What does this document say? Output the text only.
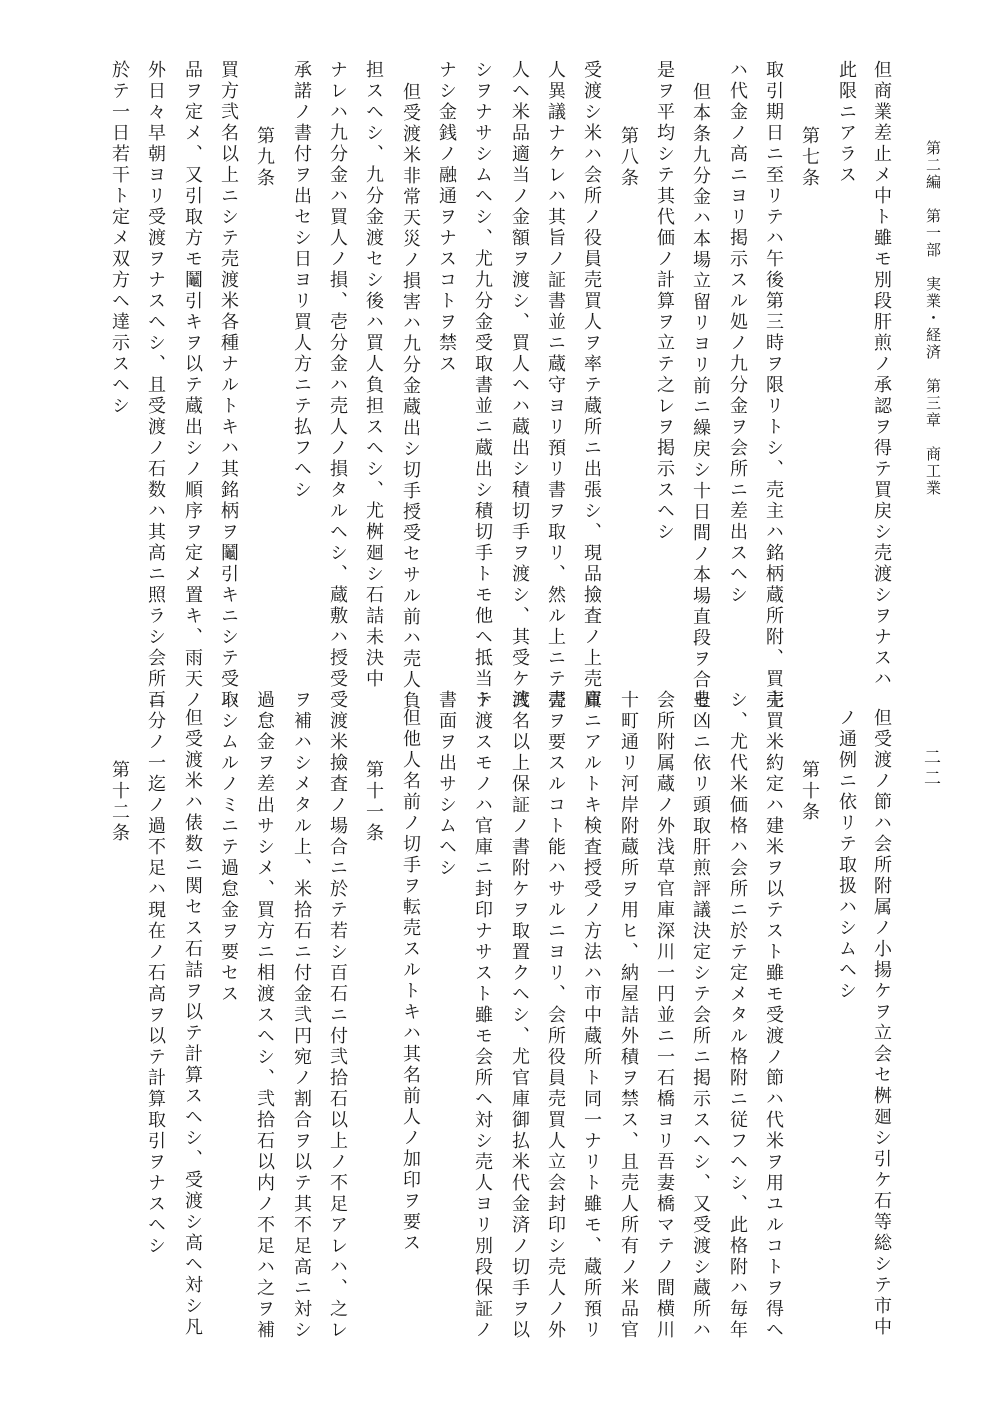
第二編　第一部　実業・経済　第三章　商工業
二二
但商業差止メ中ト雖モ別段肝煎ノ承認ヲ得テ買戻シ売渡シヲナスハ
此限ニアラス
第七条
取引期日ニ至リテハ午後第三時ヲ限リトシ、売主ハ銘柄蔵所附、買主
ハ代金ノ高ニヨリ掲示スル処ノ九分金ヲ会所ニ差出スヘシ
但本条九分金ハ本場立留リヨリ前ニ繰戻シ十日間ノ本場直段ヲ合セ
是ヲ平均シテ其代価ノ計算ヲ立テ之レヲ掲示スヘシ
第八条
受渡シ米ハ会所ノ役員売買人ヲ率テ蔵所ニ出張シ、現品撿査ノ上売買
人異議ナケレハ其旨ノ証書並ニ蔵守ヨリ預リ書ヲ取リ、然ル上ニテ売
人ヘ米品適当ノ金額ヲ渡シ、買人ヘハ蔵出シ積切手ヲ渡シ、其受ケ渡
シヲナサシムヘシ、尤九分金受取書並ニ蔵出シ積切手トモ他ヘ抵当ト
ナシ金銭ノ融通ヲナスコトヲ禁ス
但受渡米非常天災ノ損害ハ九分金蔵出シ切手授受セサル前ハ売人負
担スヘシ、九分金渡セシ後ハ買人負担スヘシ、尤桝廻シ石詰未決中
ナレハ九分金ハ買人ノ損、壱分金ハ売人ノ損タルヘシ、蔵敷ハ授受
承諾ノ書付ヲ出セシ日ヨリ買人方ニテ払フヘシ
第九条
買方弐名以上ニシテ売渡米各種ナルトキハ其銘柄ヲ鬮引キニシテ受取
品ヲ定メ、又引取方モ鬮引キヲ以テ蔵出シノ順序ヲ定メ置キ、雨天ノ
外日々早朝ヨリ受渡ヲナスヘシ、且受渡ノ石数ハ其高ニ照ラシ会所ニ
於テ一日若干ト定メ双方ヘ達示スヘシ
但受渡ノ節ハ会所附属ノ小揚ケヲ立会セ桝廻シ引ケ石等総シテ市中
ノ通例ニ依リテ取扱ハシムヘシ
第十条
売買米約定ハ建米ヲ以テスト雖モ受渡ノ節ハ代米ヲ用ユルコトヲ得ヘ
シ、尤代米価格ハ会所ニ於テ定メタル格附ニ従フヘシ、此格附ハ毎年
豊凶ニ依リ頭取肝煎評議決定シテ会所ニ掲示スヘシ、又受渡シ蔵所ハ
会所附属蔵ノ外浅草官庫深川一円並ニ一石橋ヨリ吾妻橋マテノ間横川
十町通リ河岸附蔵所ヲ用ヒ、納屋詰外積ヲ禁ス、且売人所有ノ米品官
庫ニアルトキ検査授受ノ方法ハ市中蔵所ト同一ナリト雖モ、蔵所預リ
書ヲ要スルコト能ハサルニヨリ、会所役員売買人立会封印シ売人ノ外
弐名以上保証ノ書附ケヲ取置クヘシ、尤官庫御払米代金済ノ切手ヲ以
テ渡スモノハ官庫ニ封印ナサスト雖モ会所ヘ対シ売人ヨリ別段保証ノ
書面ヲ出サシムヘシ
但他人名前ノ切手ヲ転売スルトキハ其名前人ノ加印ヲ要ス
第十一条
受渡米撿査ノ場合ニ於テ若シ百石ニ付弐拾石以上ノ不足アレハ、之レ
ヲ補ハシメタル上、米拾石ニ付金弐円宛ノ割合ヲ以テ其不足高ニ対シ
過怠金ヲ差出サシメ、買方ニ相渡スヘシ、弐拾石以内ノ不足ハ之ヲ補
ハシムルノミニテ過怠金ヲ要セス
但受渡米ハ俵数ニ関セス石詰ヲ以テ計算スヘシ、受渡シ高ヘ対シ凡
百分ノ一迄ノ過不足ハ現在ノ石高ヲ以テ計算取引ヲナスヘシ
第十二条
